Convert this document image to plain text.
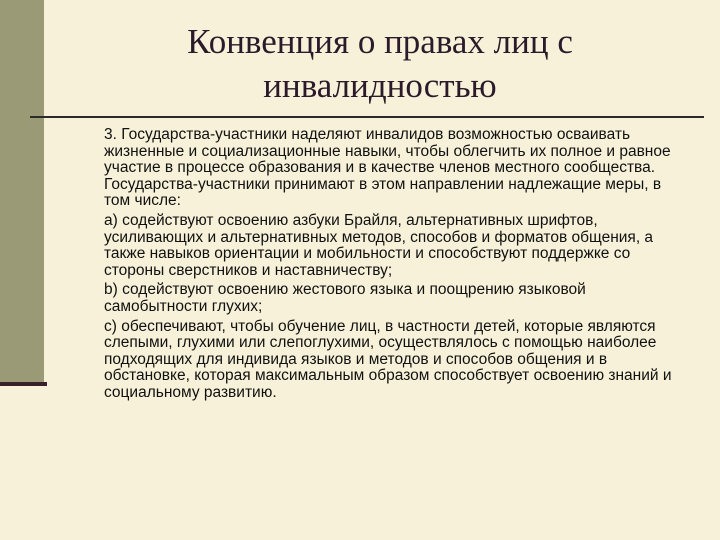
Конвенция о правах лиц с
инвалидностью

3. Государства-участники наделяют инвалидов возможностью осваивать жизненные и социализационные навыки, чтобы облегчить их полное и равное участие в процессе образования и в качестве членов местного сообщества. Государства-участники принимают в этом направлении надлежащие меры, в том числе:

a) содействуют освоению азбуки Брайля, альтернативных шрифтов, усиливающих и альтернативных методов, способов и форматов общения, а также навыков ориентации и мобильности и способствуют поддержке со стороны сверстников и наставничеству;

b) содействуют освоению жестового языка и поощрению языковой самобытности глухих;

c) обеспечивают, чтобы обучение лиц, в частности детей, которые являются слепыми, глухими или слепоглухими, осуществлялось с помощью наиболее подходящих для индивида языков и методов и способов общения и в обстановке, которая максимальным образом способствует освоению знаний и социальному развитию.
